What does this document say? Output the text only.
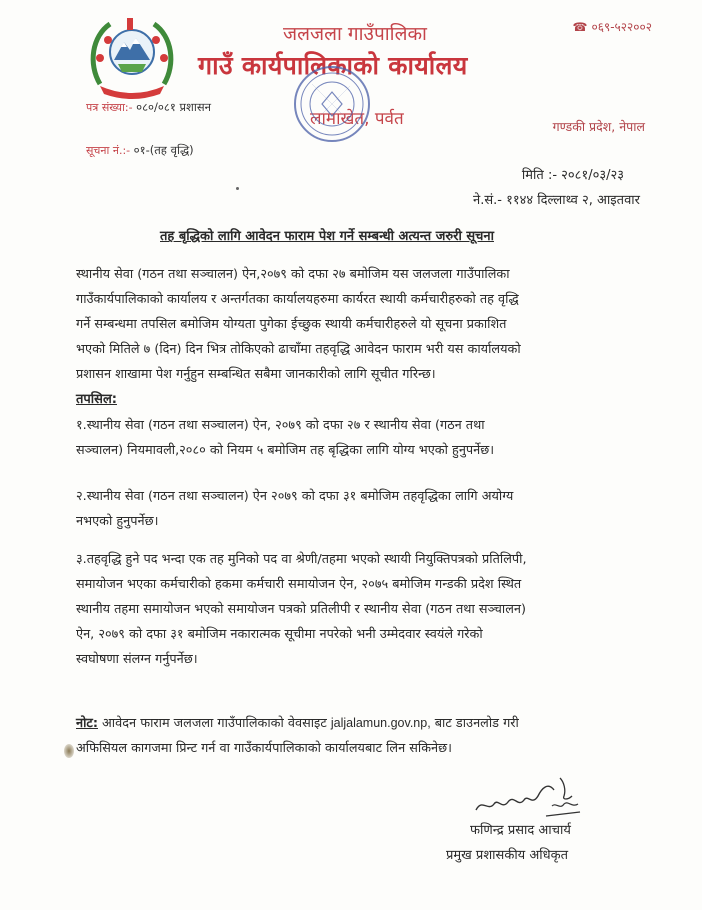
☎ ०६९-५२२००२
जलजला गाउँपालिका
गाउँ कार्यपालिकाको कार्यालय
लामाखेत, पर्वत	गण्डकी प्रदेश, नेपाल
पत्र संख्या:- ०८०/०८१ प्रशासन
सूचना नं.:- ०१-(तह वृद्धि)
मिति :- २०८१/०३/२३
ने.सं.- ११४४ दिल्लाथ्व २, आइतवार
तह बृद्धिको लागि आवेदन फाराम पेश गर्ने सम्बन्धी अत्यन्त जरुरी सूचना
स्थानीय सेवा (गठन तथा सञ्चालन) ऐन,२०७९ को दफा २७ बमोजिम यस जलजला गाउँपालिका
गाउँकार्यपालिकाको कार्यालय र अन्तर्गतका कार्यालयहरुमा कार्यरत स्थायी कर्मचारीहरुको तह वृद्धि
गर्ने सम्बन्धमा तपसिल बमोजिम योग्यता पुगेका ईच्छुक स्थायी कर्मचारीहरुले यो सूचना प्रकाशित
भएको मितिले ७ (दिन) दिन भित्र तोकिएको ढाचाँमा तहवृद्धि आवेदन फाराम भरी यस कार्यालयको
प्रशासन शाखामा पेश गर्नुहुन सम्बन्धित सबैमा जानकारीको लागि सूचीत गरिन्छ।
तपसिल:
१.स्थानीय सेवा (गठन तथा सञ्चालन) ऐन, २०७९ को दफा २७ र स्थानीय सेवा (गठन तथा
सञ्चालन) नियमावली,२०८० को नियम ५ बमोजिम तह बृद्धिका लागि योग्य भएको हुनुपर्नेछ।
२.स्थानीय सेवा (गठन तथा सञ्चालन) ऐन २०७९ को दफा ३१ बमोजिम तहवृद्धिका लागि अयोग्य
नभएको हुनुपर्नेछ।
३.तहवृद्धि हुने पद भन्दा एक तह मुनिको पद वा श्रेणी/तहमा भएको स्थायी नियुक्तिपत्रको प्रतिलिपी,
समायोजन भएका कर्मचारीको हकमा कर्मचारी समायोजन ऐन, २०७५ बमोजिम गन्डकी प्रदेश स्थित
स्थानीय तहमा समायोजन भएको समायोजन पत्रको प्रतिलीपी र स्थानीय सेवा (गठन तथा सञ्चालन)
ऐन, २०७९ को दफा ३१ बमोजिम नकारात्मक सूचीमा नपरेको भनी उम्मेदवार स्वयंले गरेको
स्वघोषणा संलग्न गर्नुपर्नेछ।
नोट: आवेदन फाराम जलजला गाउँपालिकाको वेवसाइट jaljalamun.gov.np, बाट डाउनलोड गरी
अफिसियल कागजमा प्रिन्ट गर्न वा गाउँकार्यपालिकाको कार्यालयबाट लिन सकिनेछ।
फणिन्द्र प्रसाद आचार्य
प्रमुख प्रशासकीय अधिकृत
